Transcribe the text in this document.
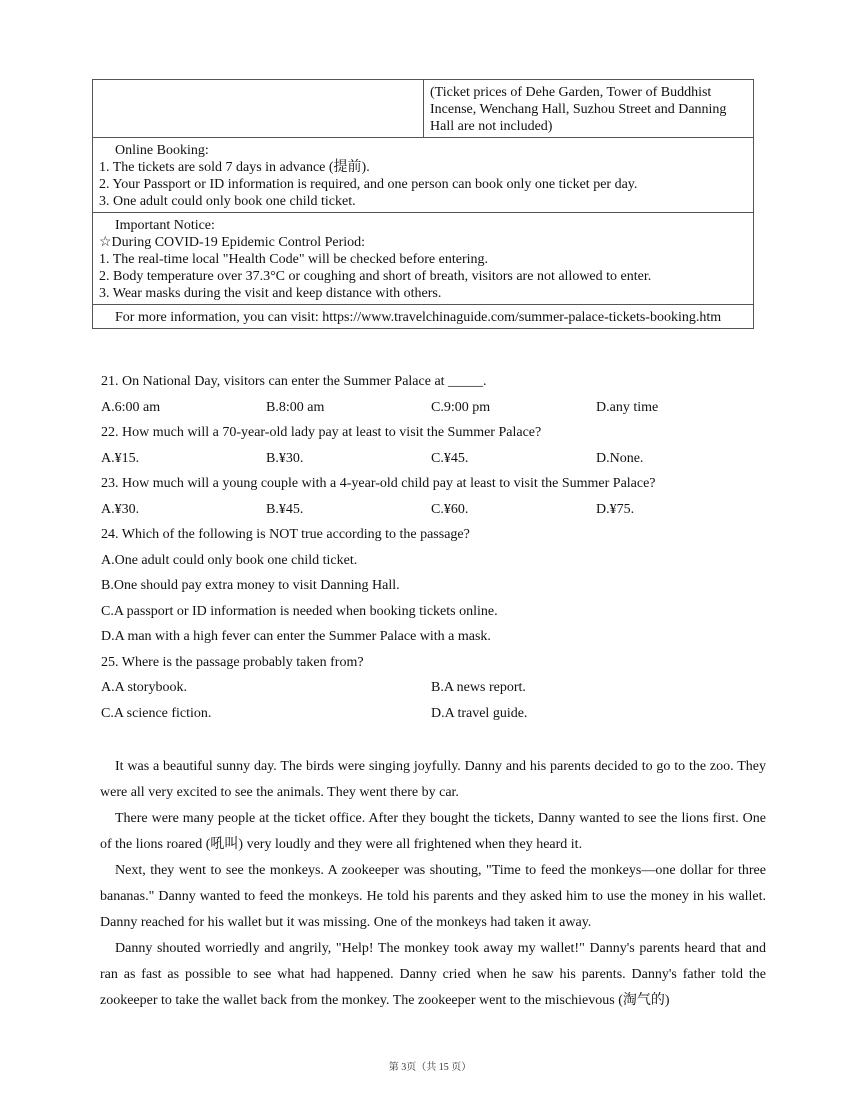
	(Ticket prices of Dehe Garden, Tower of Buddhist Incense, Wenchang Hall, Suzhou Street and Danning Hall are not included)

Online Booking:
1. The tickets are sold 7 days in advance (提前).
2. Your Passport or ID information is required, and one person can book only one ticket per day.
3. One adult could only book one child ticket.

Important Notice:
☆During COVID-19 Epidemic Control Period:
1. The real-time local "Health Code" will be checked before entering.
2. Body temperature over 37.3°C or coughing and short of breath, visitors are not allowed to enter.
3. Wear masks during the visit and keep distance with others.

For more information, you can visit: https://www.travelchinaguide.com/summer-palace-tickets-booking.htm
21. On National Day, visitors can enter the Summer Palace at _____.
A.6:00 am	B.8:00 am	C.9:00 pm	D.any time
22. How much will a 70-year-old lady pay at least to visit the Summer Palace?
A.¥15.	B.¥30.	C.¥45.	D.None.
23. How much will a young couple with a 4-year-old child pay at least to visit the Summer Palace?
A.¥30.	B.¥45.	C.¥60.	D.¥75.
24. Which of the following is NOT true according to the passage?
A.One adult could only book one child ticket.
B.One should pay extra money to visit Danning Hall.
C.A passport or ID information is needed when booking tickets online.
D.A man with a high fever can enter the Summer Palace with a mask.
25. Where is the passage probably taken from?
A.A storybook.	B.A news report.
C.A science fiction.	D.A travel guide.

It was a beautiful sunny day. The birds were singing joyfully. Danny and his parents decided to go to the zoo. They were all very excited to see the animals. They went there by car.

There were many people at the ticket office. After they bought the tickets, Danny wanted to see the lions first. One of the lions roared (吼叫) very loudly and they were all frightened when they heard it.

Next, they went to see the monkeys. A zookeeper was shouting, "Time to feed the monkeys—one dollar for three bananas." Danny wanted to feed the monkeys. He told his parents and they asked him to use the money in his wallet. Danny reached for his wallet but it was missing. One of the monkeys had taken it away.

Danny shouted worriedly and angrily, "Help! The monkey took away my wallet!" Danny's parents heard that and ran as fast as possible to see what had happened. Danny cried when he saw his parents. Danny's father told the zookeeper to take the wallet back from the monkey. The zookeeper went to the mischievous (淘气的)

第 3页（共 15 页）
